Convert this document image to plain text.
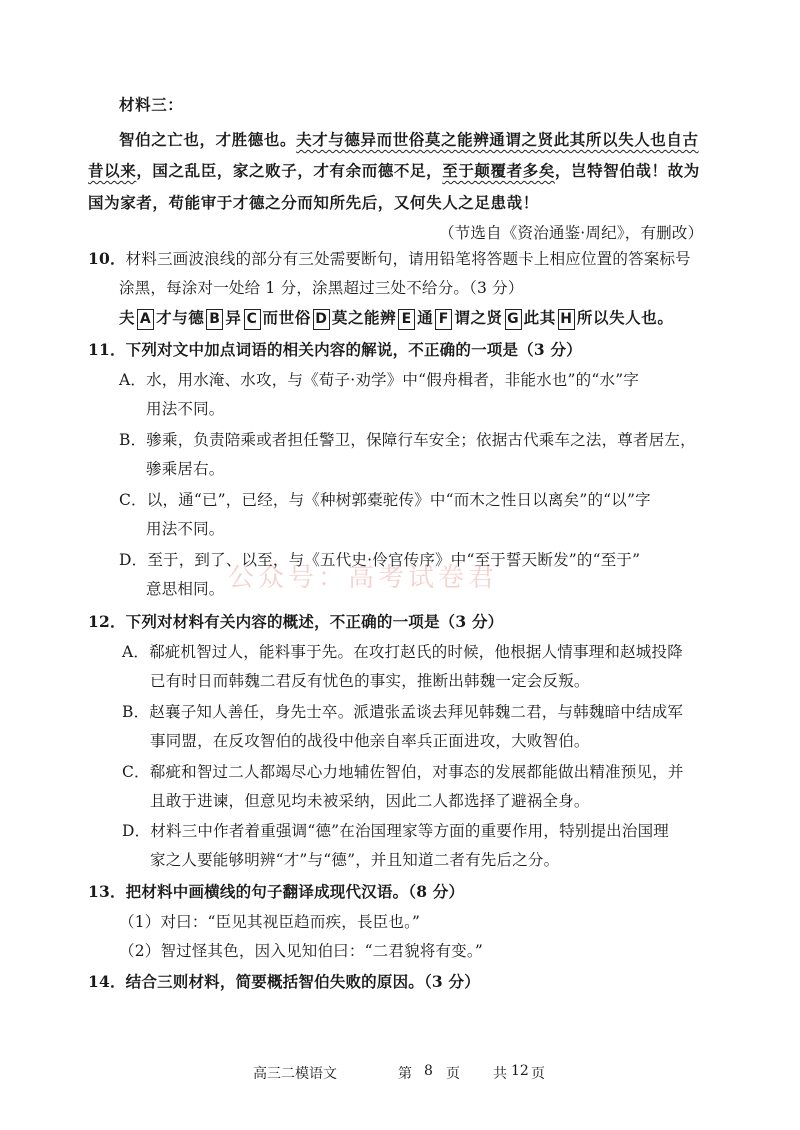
材料三：
智伯之亡也，才胜德也。夫才与德异而世俗莫之能辨通谓之贤此其所以失人也自古
昔以来，国之乱臣，家之败子，才有余而德不足，至于颠覆者多矣，岂特智伯哉！故为
国为家者，苟能审于才德之分而知所先后，又何失人之足患哉！
（节选自《资治通鉴·周纪》，有删改）
10．材料三画波浪线的部分有三处需要断句，请用铅笔将答题卡上相应位置的答案标号
涂黑，每涂对一处给 1 分，涂黑超过三处不给分。（3 分）
夫 A 才与德 B 异 C 而世俗 D 莫之能辨 E 通 F 谓之贤 G 此其 H 所以失人也。
11．下列对文中加点词语的相关内容的解说，不正确的一项是（3 分）
A．水，用水淹、水攻，与《荀子·劝学》中“假舟楫者，非能水也”的“水”字
用法不同。
B．骖乘，负责陪乘或者担任警卫，保障行车安全；依据古代乘车之法，尊者居左，
骖乘居右。
C．以，通“已”，已经，与《种树郭橐驼传》中“而木之性日以离矣”的“以”字
用法不同。
D．至于，到了、以至，与《五代史·伶官传序》中“至于誓天断发”的“至于”
意思相同。 公众号：高考试卷君
12．下列对材料有关内容的概述，不正确的一项是（3 分）
A．郗疵机智过人，能料事于先。在攻打赵氏的时候，他根据人情事理和赵城投降
已有时日而韩魏二君反有忧色的事实，推断出韩魏一定会反叛。
B．赵襄子知人善任，身先士卒。派遣张孟谈去拜见韩魏二君，与韩魏暗中结成军
事同盟，在反攻智伯的战役中他亲自率兵正面进攻，大败智伯。
C．郗疵和智过二人都竭尽心力地辅佐智伯，对事态的发展都能做出精准预见，并
且敢于进谏，但意见均未被采纳，因此二人都选择了避祸全身。
D．材料三中作者着重强调“德”在治国理家等方面的重要作用，特别提出治国理
家之人要能够明辨“才”与“德”，并且知道二者有先后之分。
13．把材料中画横线的句子翻译成现代汉语。（8 分）
（1）对曰：“臣见其视臣趋而疾，長臣也。”
（2）智过怪其色，因入见知伯曰：“二君貌将有变。”
14．结合三则材料，简要概括智伯失败的原因。（3 分）
高三二模语文	第 8 页 共 12 页
